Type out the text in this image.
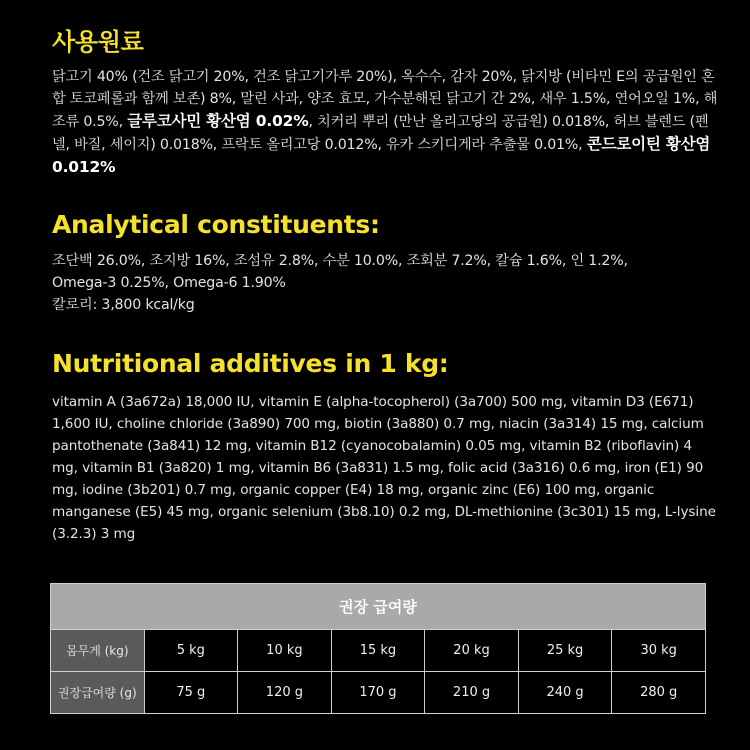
사용원료

닭고기 40% (건조 닭고기 20%, 건조 닭고기가루 20%), 옥수수, 감자 20%, 닭지방 (비타민 E의 공급원인 혼합 토코페롤과 함께 보존) 8%, 말린 사과, 양조 효모, 가수분해된 닭고기 간 2%, 새우 1.5%, 연어오일 1%, 해조류 0.5%, 글루코사민 황산염 0.02%, 치커리 뿌리 (만난 올리고당의 공급원) 0.018%, 허브 블렌드 (펜넬, 바질, 세이지) 0.018%, 프락토 올리고당 0.012%, 유카 스키디게라 추출물 0.01%, 콘드로이틴 황산염 0.012%

Analytical constituents:

조단백 26.0%, 조지방 16%, 조섬유 2.8%, 수분 10.0%, 조회분 7.2%, 칼슘 1.6%, 인 1.2%,
Omega-3 0.25%, Omega-6 1.90%
칼로리: 3,800 kcal/kg

Nutritional additives in 1 kg:

vitamin A (3a672a) 18,000 IU, vitamin E (alpha-tocopherol) (3a700) 500 mg, vitamin D3 (E671) 1,600 IU, choline chloride (3a890) 700 mg, biotin (3a880) 0.7 mg, niacin (3a314) 15 mg, calcium pantothenate (3a841) 12 mg, vitamin B12 (cyanocobalamin) 0.05 mg, vitamin B2 (riboflavin) 4 mg, vitamin B1 (3a820) 1 mg, vitamin B6 (3a831) 1.5 mg, folic acid (3a316) 0.6 mg, iron (E1) 90 mg, iodine (3b201) 0.7 mg, organic copper (E4) 18 mg, organic zinc (E6) 100 mg, organic manganese (E5) 45 mg, organic selenium (3b8.10) 0.2 mg, DL-methionine (3c301) 15 mg, L-lysine (3.2.3) 3 mg

권장 급여량						
몸무게 (kg)	5 kg	10 kg	15 kg	20 kg	25 kg	30 kg
권장급여량 (g)	75 g	120 g	170 g	210 g	240 g	280 g
